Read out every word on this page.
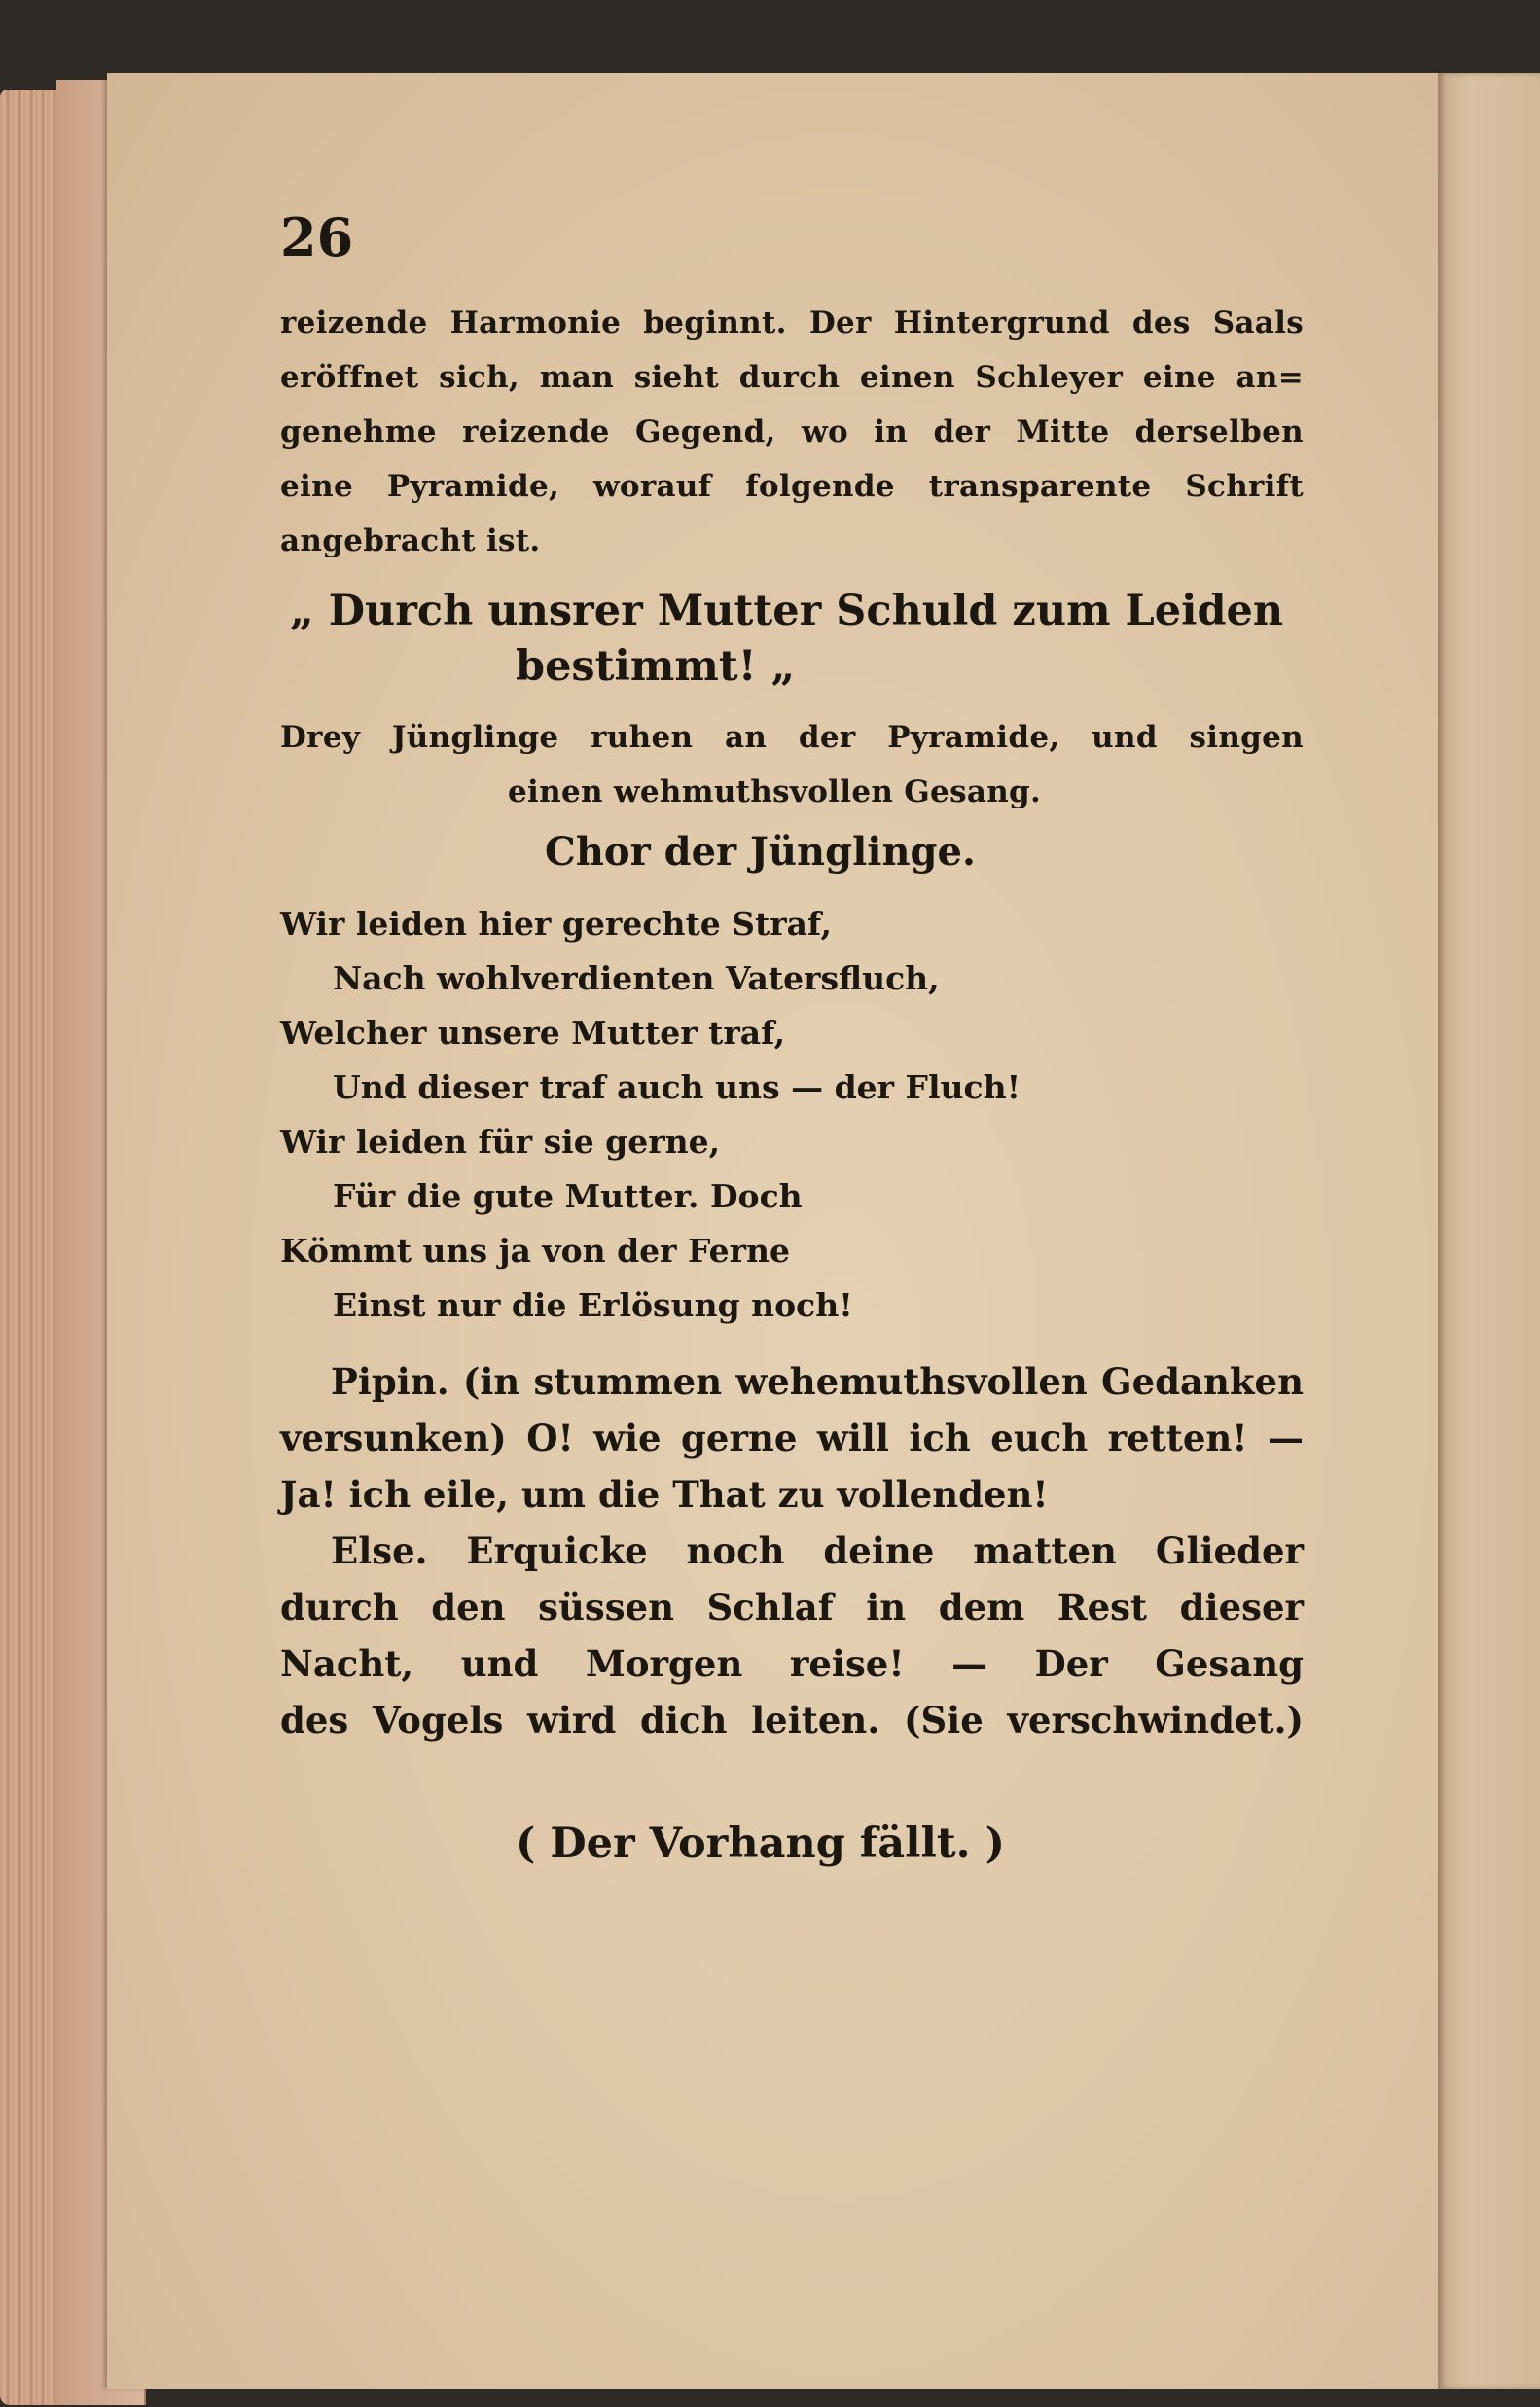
26
reizende Harmonie beginnt. Der Hintergrund des Saals
eröffnet sich, man sieht durch einen Schleyer eine an=
genehme reizende Gegend, wo in der Mitte derselben
eine Pyramide, worauf folgende transparente Schrift
angebracht ist.
„ Durch unsrer Mutter Schuld zum Leiden
bestimmt! „
Drey Jünglinge ruhen an der Pyramide, und singen
einen wehmuthsvollen Gesang.
Chor der Jünglinge.
Wir leiden hier gerechte Straf,
Nach wohlverdienten Vatersfluch,
Welcher unsere Mutter traf,
Und dieser traf auch uns — der Fluch!
Wir leiden für sie gerne,
Für die gute Mutter. Doch
Kömmt uns ja von der Ferne
Einst nur die Erlösung noch!
Pipin. (in stummen wehemuthsvollen Gedanken
versunken) O! wie gerne will ich euch retten! —
Ja! ich eile, um die That zu vollenden!
Else. Erquicke noch deine matten Glieder
durch den süssen Schlaf in dem Rest dieser
Nacht, und Morgen reise! — Der Gesang
des Vogels wird dich leiten. (Sie verschwindet.)
( Der Vorhang fällt. )
